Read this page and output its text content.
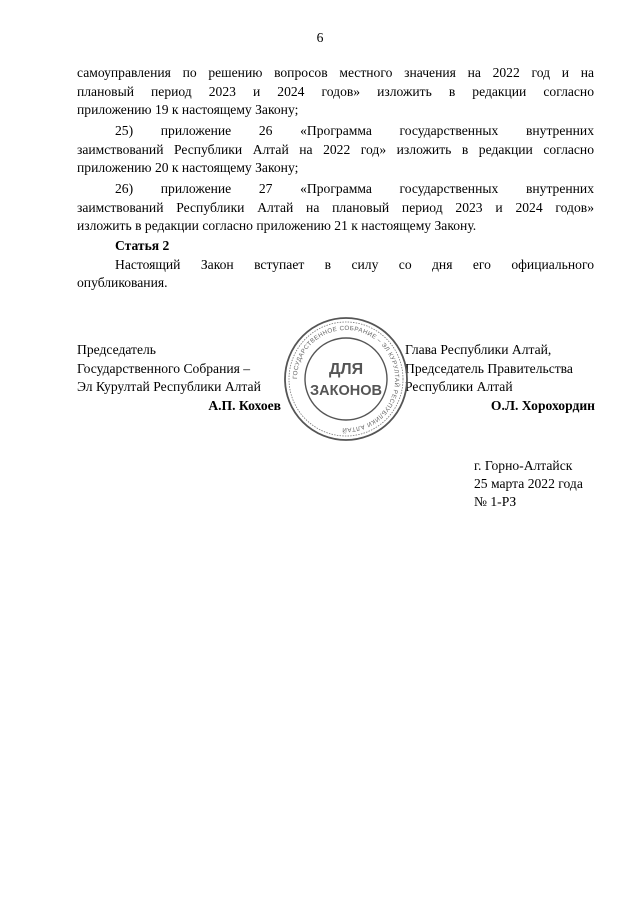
6
самоуправления по решению вопросов местного значения на 2022 год и на
плановый период 2023 и 2024 годов» изложить в редакции согласно
приложению 19 к настоящему Закону;
25) приложение 26 «Программа государственных внутренних
заимствований Республики Алтай на 2022 год» изложить в редакции согласно
приложению 20 к настоящему Закону;
26) приложение 27 «Программа государственных внутренних
заимствований Республики Алтай на плановый период 2023 и 2024 годов»
изложить в редакции согласно приложению 21 к настоящему Закону.
Статья 2
Настоящий Закон вступает в силу со дня его официального
опубликования.
Председатель
Государственного Собрания –
Эл Курултай Республики Алтай
А.П. Кохоев
Глава Республики Алтай,
Председатель Правительства
Республики Алтай
О.Л. Хорохордин
ГОСУДАРСТВЕННОЕ СОБРАНИЕ – ЭЛ КУРУЛТАЙ РЕСПУБЛИКИ АЛТАЙ
ДЛЯ
ЗАКОНОВ
г. Горно-Алтайск
25 марта 2022 года
№ 1-РЗ
